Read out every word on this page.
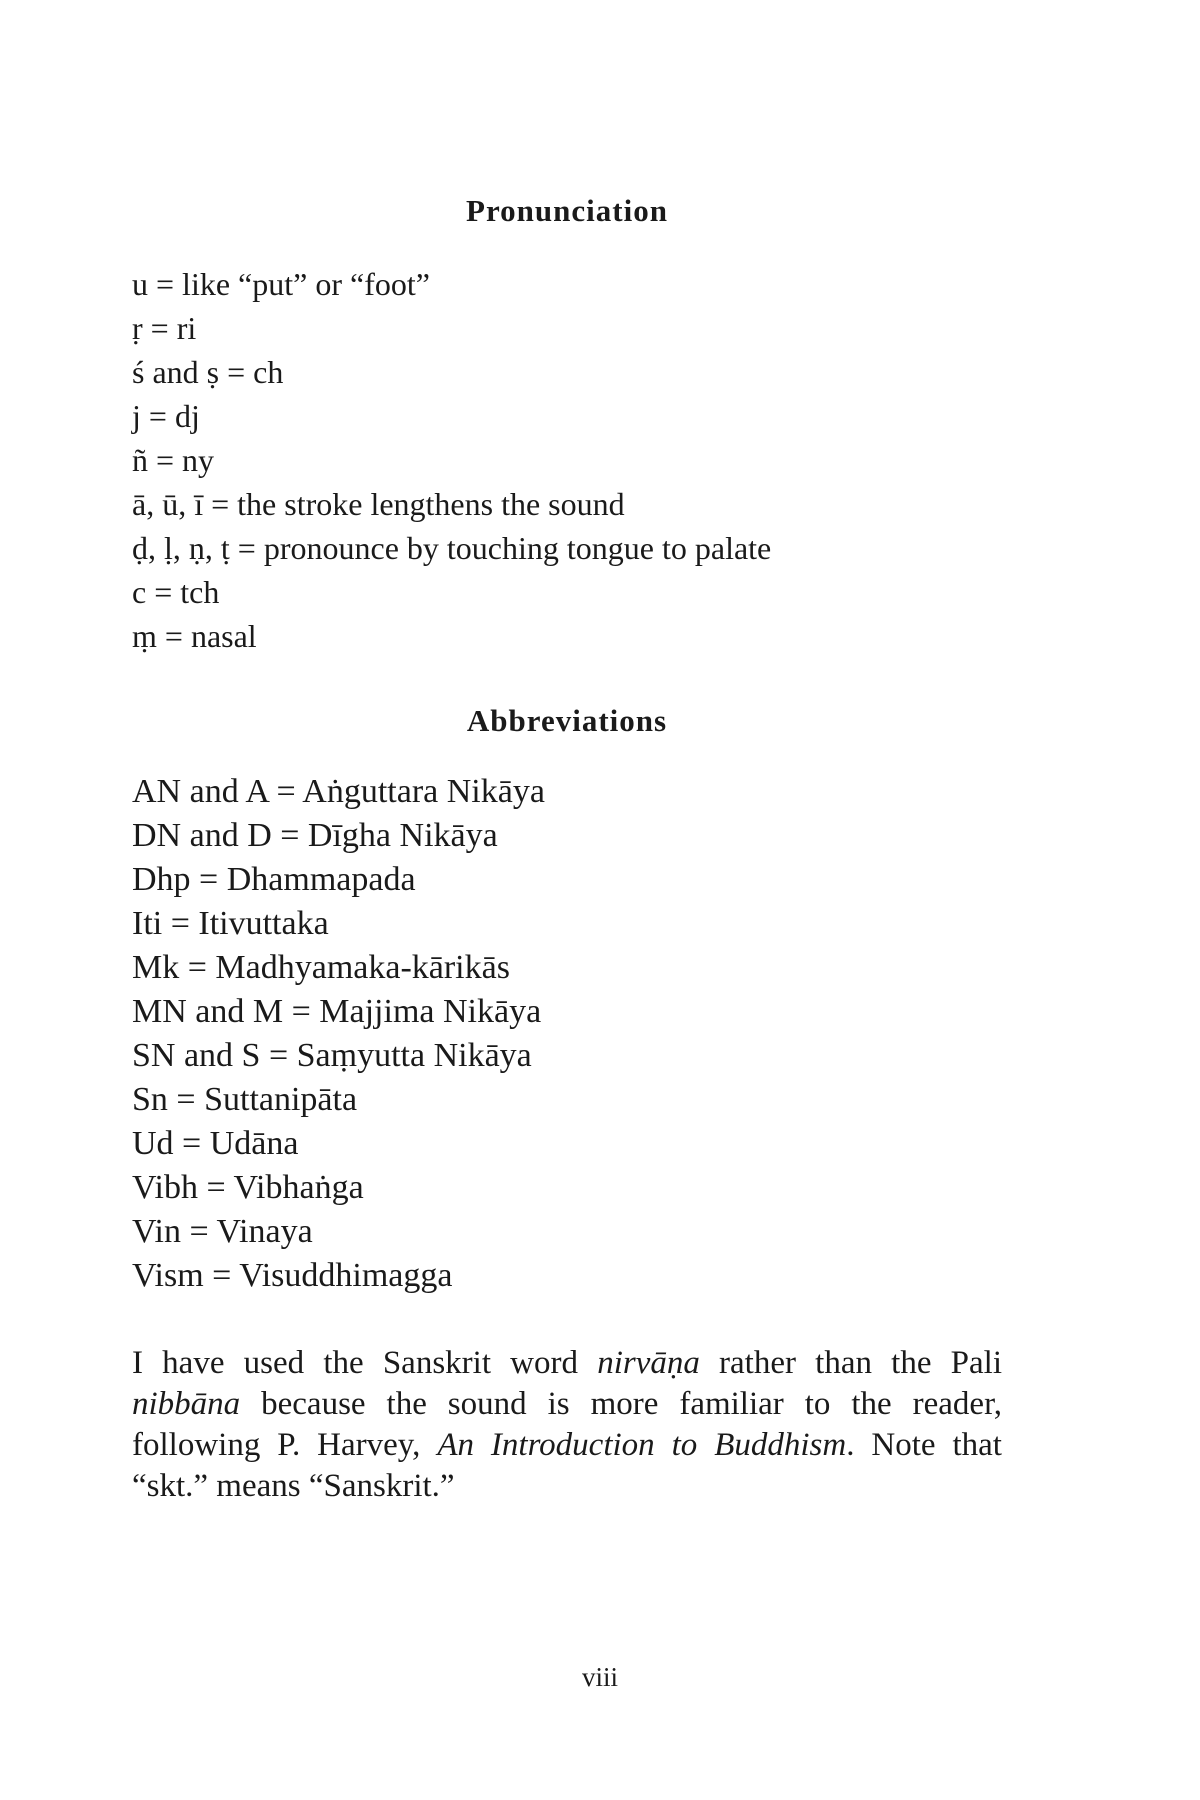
Pronunciation
u = like “put” or “foot”
ṛ = ri
ś and ṣ = ch
j = dj
ñ = ny
ā, ū, ī = the stroke lengthens the sound
ḍ, ḷ, ṇ, ṭ = pronounce by touching tongue to palate
c = tch
ṃ = nasal
Abbreviations
AN and A = Aṅguttara Nikāya
DN and D = Dīgha Nikāya
Dhp = Dhammapada
Iti = Itivuttaka
Mk = Madhyamaka-kārikās
MN and M = Majjima Nikāya
SN and S = Saṃyutta Nikāya
Sn = Suttanipāta
Ud = Udāna
Vibh = Vibhaṅga
Vin = Vinaya
Vism = Visuddhimagga

I have used the Sanskrit word nirvāṇa rather than the Pali nibbāna because the sound is more familiar to the reader, following P. Harvey, An Introduction to Buddhism. Note that “skt.” means “Sanskrit.”

viii
